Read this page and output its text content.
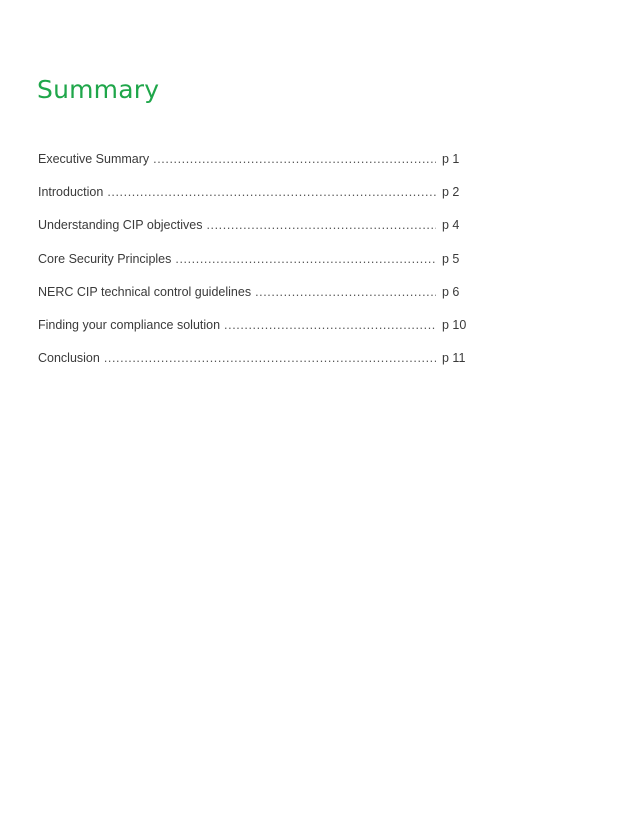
Summary
Executive Summary .....	p 1
Introduction .....	p 2
Understanding CIP objectives .....	p 4
Core Security Principles .....	p 5
NERC CIP technical control guidelines .....	p 6
Finding your compliance solution .....	p 10
Conclusion .....	p 11
